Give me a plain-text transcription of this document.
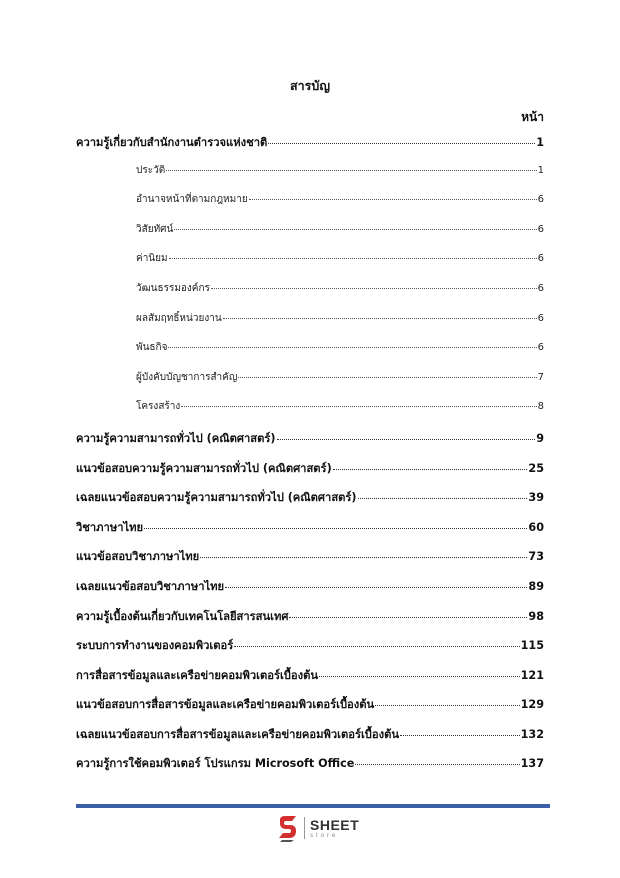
สารบัญ
หน้า
ความรู้เกี่ยวกับสำนักงานตำรวจแห่งชาติ	1
ประวัติ	1
อำนาจหน้าที่ตามกฎหมาย	6
วิสัยทัศน์	6
ค่านิยม	6
วัฒนธรรมองค์กร	6
ผลสัมฤทธิ์หน่วยงาน	6
พันธกิจ	6
ผู้บังคับบัญชาการสำคัญ	7
โครงสร้าง	8
ความรู้ความสามารถทั่วไป (คณิตศาสตร์)	9
แนวข้อสอบความรู้ความสามารถทั่วไป (คณิตศาสตร์)	25
เฉลยแนวข้อสอบความรู้ความสามารถทั่วไป (คณิตศาสตร์)	39
วิชาภาษาไทย	60
แนวข้อสอบวิชาภาษาไทย	73
เฉลยแนวข้อสอบวิชาภาษาไทย	89
ความรู้เบื้องต้นเกี่ยวกับเทคโนโลยีสารสนเทศ	98
ระบบการทำงานของคอมพิวเตอร์	115
การสื่อสารข้อมูลและเครือข่ายคอมพิวเตอร์เบื้องต้น	121
แนวข้อสอบการสื่อสารข้อมูลและเครือข่ายคอมพิวเตอร์เบื้องต้น	129
เฉลยแนวข้อสอบการสื่อสารข้อมูลและเครือข่ายคอมพิวเตอร์เบื้องต้น	132
ความรู้การใช้คอมพิวเตอร์ โปรแกรม Microsoft Office	137
SHEET
store
